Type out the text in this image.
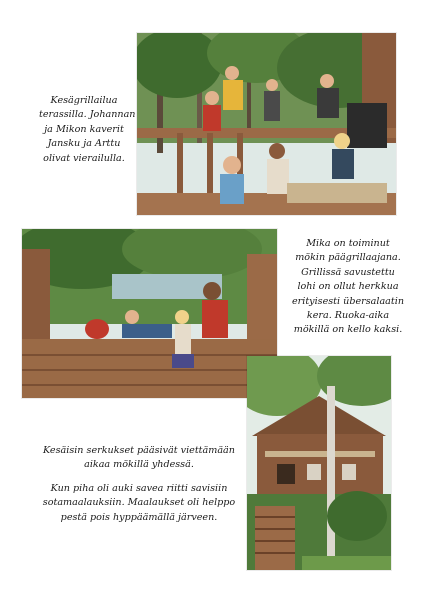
Kesägrillailua
terassilla. Johannan
ja Mikon kaverit
Jansku ja Arttu
olivat vierailulla.
Mika on toiminut
mökin päägrillaajana.
Grillissä savustettu
lohi on ollut herkkua
erityisesti übersalaatin
kera. Ruoka-aika
mökillä on kello kaksi.
Kesäisin serkukset pääsivät viettämään
aikaa mökillä yhdessä.
Kun piha oli auki savea riitti savisiin
sotamaalauksiin. Maalaukset oli helppo
pestä pois hyppäämällä järveen.
